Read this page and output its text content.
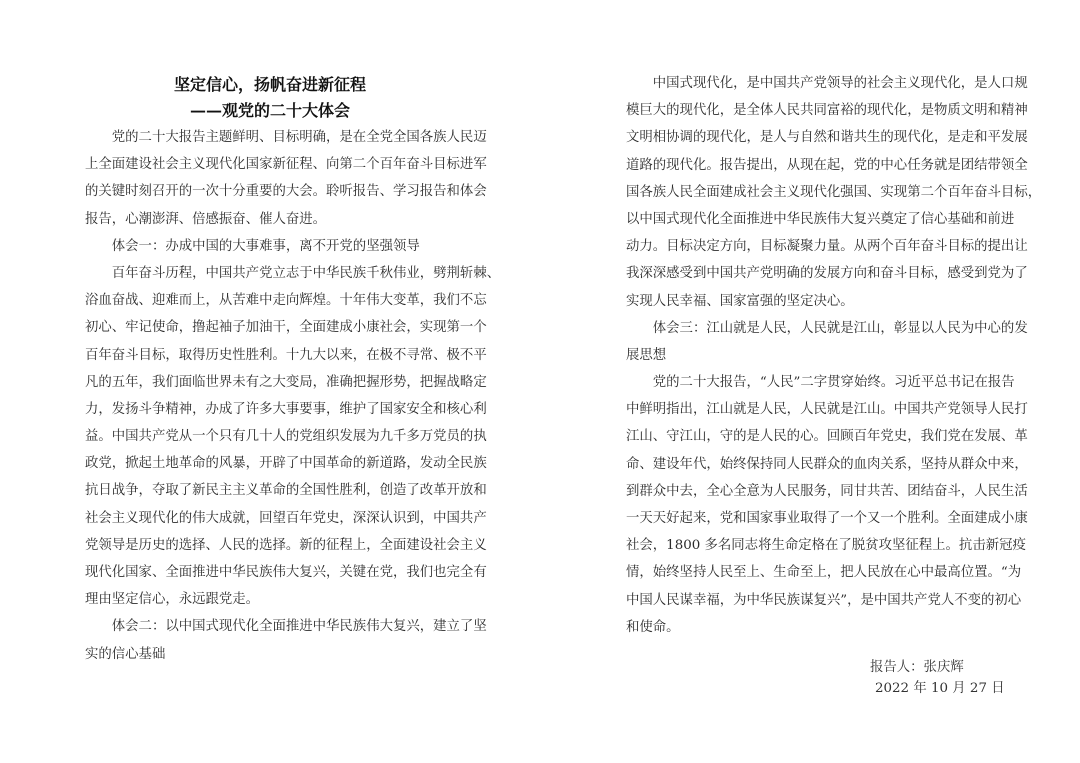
坚定信心，扬帆奋进新征程
——观党的二十大体会
　　党的二十大报告主题鲜明、目标明确，是在全党全国各族人民迈
上全面建设社会主义现代化国家新征程、向第二个百年奋斗目标进军
的关键时刻召开的一次十分重要的大会。聆听报告、学习报告和体会
报告，心潮澎湃、倍感振奋、催人奋进。
　　体会一：办成中国的大事难事，离不开党的坚强领导
　　百年奋斗历程，中国共产党立志于中华民族千秋伟业，劈荆斩棘、
浴血奋战、迎难而上，从苦难中走向辉煌。十年伟大变革，我们不忘
初心、牢记使命，撸起袖子加油干，全面建成小康社会，实现第一个
百年奋斗目标，取得历史性胜利。十九大以来，在极不寻常、极不平
凡的五年，我们面临世界未有之大变局，准确把握形势，把握战略定
力，发扬斗争精神，办成了许多大事要事，维护了国家安全和核心利
益。中国共产党从一个只有几十人的党组织发展为九千多万党员的执
政党，掀起土地革命的风暴，开辟了中国革命的新道路，发动全民族
抗日战争，夺取了新民主主义革命的全国性胜利，创造了改革开放和
社会主义现代化的伟大成就，回望百年党史，深深认识到，中国共产
党领导是历史的选择、人民的选择。新的征程上，全面建设社会主义
现代化国家、全面推进中华民族伟大复兴，关键在党，我们也完全有
理由坚定信心，永远跟党走。
　　体会二：以中国式现代化全面推进中华民族伟大复兴，建立了坚
实的信心基础
　　中国式现代化，是中国共产党领导的社会主义现代化，是人口规
模巨大的现代化，是全体人民共同富裕的现代化，是物质文明和精神
文明相协调的现代化，是人与自然和谐共生的现代化，是走和平发展
道路的现代化。报告提出，从现在起，党的中心任务就是团结带领全
国各族人民全面建成社会主义现代化强国、实现第二个百年奋斗目标，
以中国式现代化全面推进中华民族伟大复兴奠定了信心基础和前进
动力。目标决定方向，目标凝聚力量。从两个百年奋斗目标的提出让
我深深感受到中国共产党明确的发展方向和奋斗目标，感受到党为了
实现人民幸福、国家富强的坚定决心。
　　体会三：江山就是人民，人民就是江山，彰显以人民为中心的发
展思想
　　党的二十大报告，“人民”二字贯穿始终。习近平总书记在报告
中鲜明指出，江山就是人民，人民就是江山。中国共产党领导人民打
江山、守江山，守的是人民的心。回顾百年党史，我们党在发展、革
命、建设年代，始终保持同人民群众的血肉关系，坚持从群众中来，
到群众中去，全心全意为人民服务，同甘共苦、团结奋斗，人民生活
一天天好起来，党和国家事业取得了一个又一个胜利。全面建成小康
社会，1800 多名同志将生命定格在了脱贫攻坚征程上。抗击新冠疫
情，始终坚持人民至上、生命至上，把人民放在心中最高位置。“为
中国人民谋幸福，为中华民族谋复兴”，是中国共产党人不变的初心
和使命。
报告人：张庆辉
2022 年 10 月 27 日
